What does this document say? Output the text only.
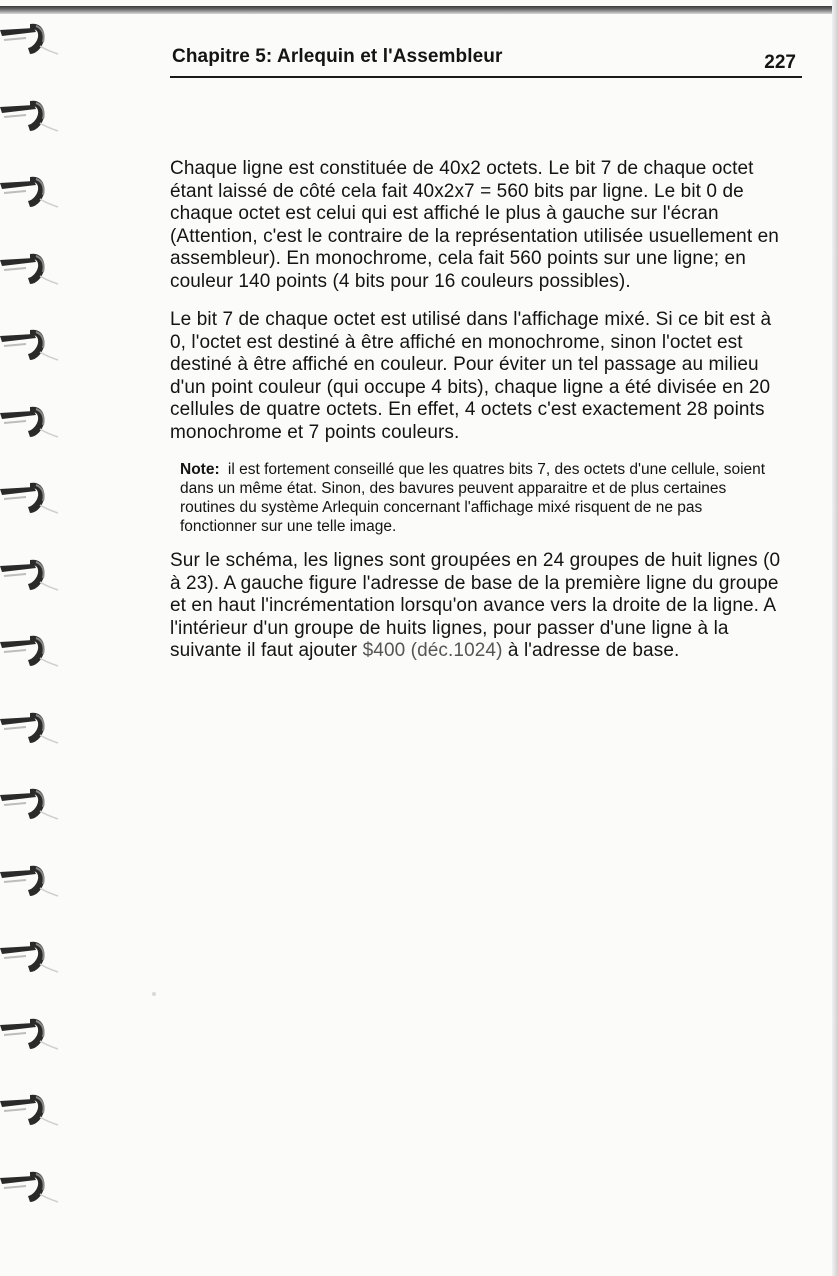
Chapitre 5: Arlequin et l'Assembleur	227

Chaque ligne est constituée de 40x2 octets. Le bit 7 de chaque octet étant laissé de côté cela fait 40x2x7 = 560 bits par ligne. Le bit 0 de chaque octet est celui qui est affiché le plus à gauche sur l'écran (Attention, c'est le contraire de la représentation utilisée usuellement en assembleur). En monochrome, cela fait 560 points sur une ligne; en couleur 140 points (4 bits pour 16 couleurs possibles).

Le bit 7 de chaque octet est utilisé dans l'affichage mixé. Si ce bit est à 0, l'octet est destiné à être affiché en monochrome, sinon l'octet est destiné à être affiché en couleur. Pour éviter un tel passage au milieu d'un point couleur (qui occupe 4 bits), chaque ligne a été divisée en 20 cellules de quatre octets. En effet, 4 octets c'est exactement 28 points monochrome et 7 points couleurs.

Note: il est fortement conseillé que les quatres bits 7, des octets d'une cellule, soient dans un même état. Sinon, des bavures peuvent apparaitre et de plus certaines routines du système Arlequin concernant l'affichage mixé risquent de ne pas fonctionner sur une telle image.

Sur le schéma, les lignes sont groupées en 24 groupes de huit lignes (0 à 23). A gauche figure l'adresse de base de la première ligne du groupe et en haut l'incrémentation lorsqu'on avance vers la droite de la ligne. A l'intérieur d'un groupe de huits lignes, pour passer d'une ligne à la suivante il faut ajouter $400 (déc.1024) à l'adresse de base.
